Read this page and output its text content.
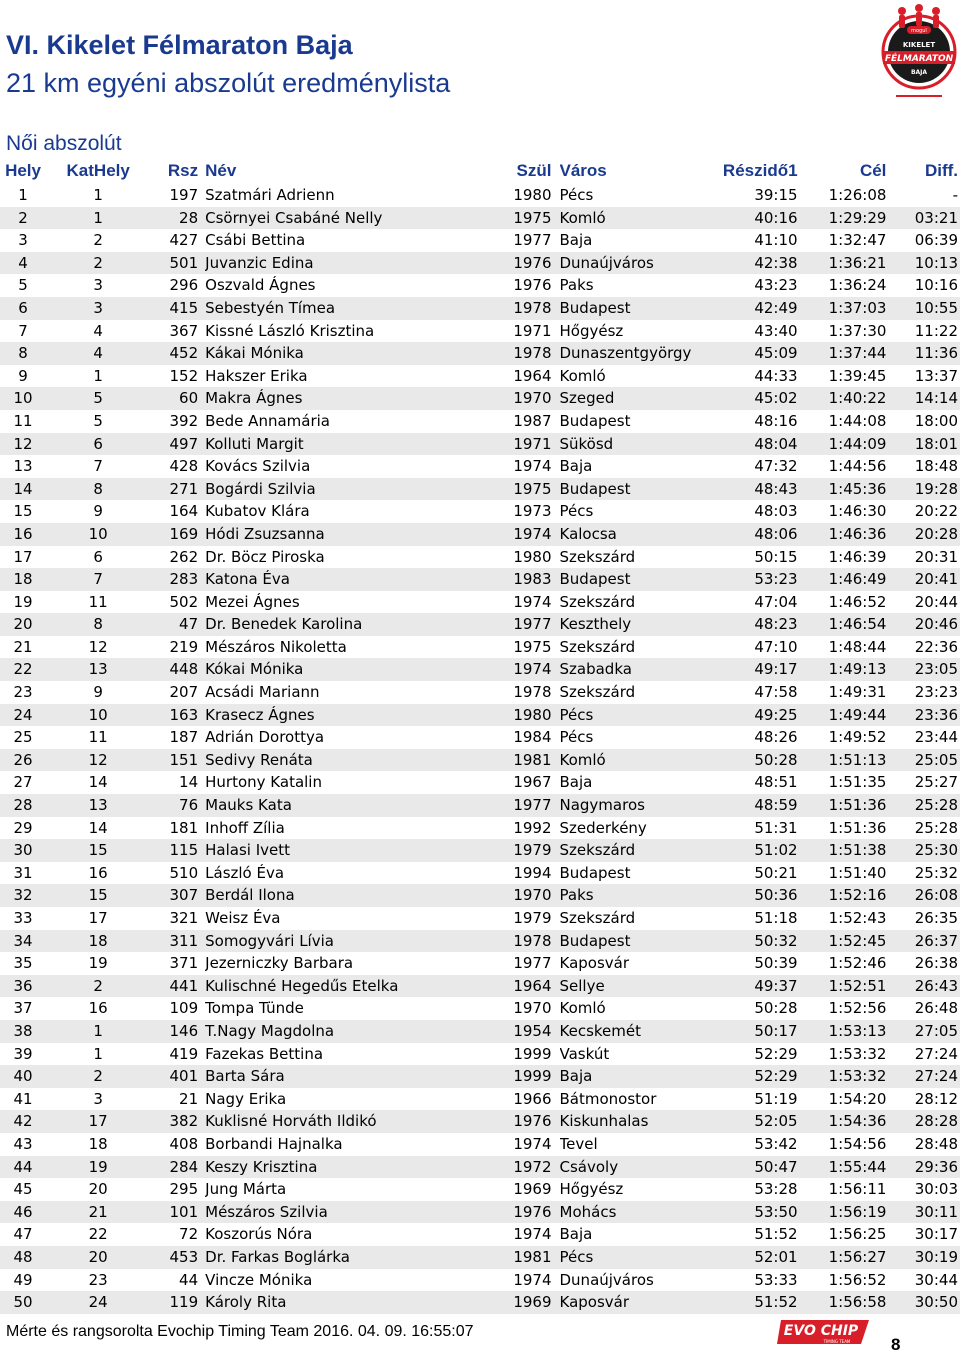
VI. Kikelet Félmaraton Baja
21 km egyéni abszolút eredménylista
mogul
KIKELET
FÉLMARATON
BAJA
Női abszolút
Hely	KatHely	Rsz	Név	Szül	Város	Részidő1	Cél	Diff.
1	1	197	Szatmári Adrienn	1980	Pécs	39:15	1:26:08	-
2	1	28	Csörnyei Csabáné Nelly	1975	Komló	40:16	1:29:29	03:21
3	2	427	Csábi Bettina	1977	Baja	41:10	1:32:47	06:39
4	2	501	Juvanzic Edina	1976	Dunaújváros	42:38	1:36:21	10:13
5	3	296	Oszvald Ágnes	1976	Paks	43:23	1:36:24	10:16
6	3	415	Sebestyén Tímea	1978	Budapest	42:49	1:37:03	10:55
7	4	367	Kissné László Krisztina	1971	Hőgyész	43:40	1:37:30	11:22
8	4	452	Kákai Mónika	1978	Dunaszentgyörgy	45:09	1:37:44	11:36
9	1	152	Hakszer Erika	1964	Komló	44:33	1:39:45	13:37
10	5	60	Makra Ágnes	1970	Szeged	45:02	1:40:22	14:14
11	5	392	Bede Annamária	1987	Budapest	48:16	1:44:08	18:00
12	6	497	Kolluti Margit	1971	Sükösd	48:04	1:44:09	18:01
13	7	428	Kovács Szilvia	1974	Baja	47:32	1:44:56	18:48
14	8	271	Bogárdi Szilvia	1975	Budapest	48:43	1:45:36	19:28
15	9	164	Kubatov Klára	1973	Pécs	48:03	1:46:30	20:22
16	10	169	Hódi Zsuzsanna	1974	Kalocsa	48:06	1:46:36	20:28
17	6	262	Dr. Böcz Piroska	1980	Szekszárd	50:15	1:46:39	20:31
18	7	283	Katona Éva	1983	Budapest	53:23	1:46:49	20:41
19	11	502	Mezei Ágnes	1974	Szekszárd	47:04	1:46:52	20:44
20	8	47	Dr. Benedek Karolina	1977	Keszthely	48:23	1:46:54	20:46
21	12	219	Mészáros Nikoletta	1975	Szekszárd	47:10	1:48:44	22:36
22	13	448	Kókai Mónika	1974	Szabadka	49:17	1:49:13	23:05
23	9	207	Acsádi Mariann	1978	Szekszárd	47:58	1:49:31	23:23
24	10	163	Krasecz Ágnes	1980	Pécs	49:25	1:49:44	23:36
25	11	187	Adrián Dorottya	1984	Pécs	48:26	1:49:52	23:44
26	12	151	Sedivy Renáta	1981	Komló	50:28	1:51:13	25:05
27	14	14	Hurtony Katalin	1967	Baja	48:51	1:51:35	25:27
28	13	76	Mauks Kata	1977	Nagymaros	48:59	1:51:36	25:28
29	14	181	Inhoff Zília	1992	Szederkény	51:31	1:51:36	25:28
30	15	115	Halasi Ivett	1979	Szekszárd	51:02	1:51:38	25:30
31	16	510	László Éva	1994	Budapest	50:21	1:51:40	25:32
32	15	307	Berdál Ilona	1970	Paks	50:36	1:52:16	26:08
33	17	321	Weisz Éva	1979	Szekszárd	51:18	1:52:43	26:35
34	18	311	Somogyvári Lívia	1978	Budapest	50:32	1:52:45	26:37
35	19	371	Jezerniczky Barbara	1977	Kaposvár	50:39	1:52:46	26:38
36	2	441	Kulischné Hegedűs Etelka	1964	Sellye	49:37	1:52:51	26:43
37	16	109	Tompa Tünde	1970	Komló	50:28	1:52:56	26:48
38	1	146	T.Nagy Magdolna	1954	Kecskemét	50:17	1:53:13	27:05
39	1	419	Fazekas Bettina	1999	Vaskút	52:29	1:53:32	27:24
40	2	401	Barta Sára	1999	Baja	52:29	1:53:32	27:24
41	3	21	Nagy Erika	1966	Bátmonostor	51:19	1:54:20	28:12
42	17	382	Kuklisné Horváth Ildikó	1976	Kiskunhalas	52:05	1:54:36	28:28
43	18	408	Borbandi Hajnalka	1974	Tevel	53:42	1:54:56	28:48
44	19	284	Keszy Krisztina	1972	Csávoly	50:47	1:55:44	29:36
45	20	295	Jung Márta	1969	Hőgyész	53:28	1:56:11	30:03
46	21	101	Mészáros Szilvia	1976	Mohács	53:50	1:56:19	30:11
47	22	72	Koszorús Nóra	1974	Baja	51:52	1:56:25	30:17
48	20	453	Dr. Farkas Boglárka	1981	Pécs	52:01	1:56:27	30:19
49	23	44	Vincze Mónika	1974	Dunaújváros	53:33	1:56:52	30:44
50	24	119	Károly Rita	1969	Kaposvár	51:52	1:56:58	30:50
Mérte és rangsorolta Evochip Timing Team 2016. 04. 09. 16:55:07	EVO CHIP
TIMING TEAM 8
